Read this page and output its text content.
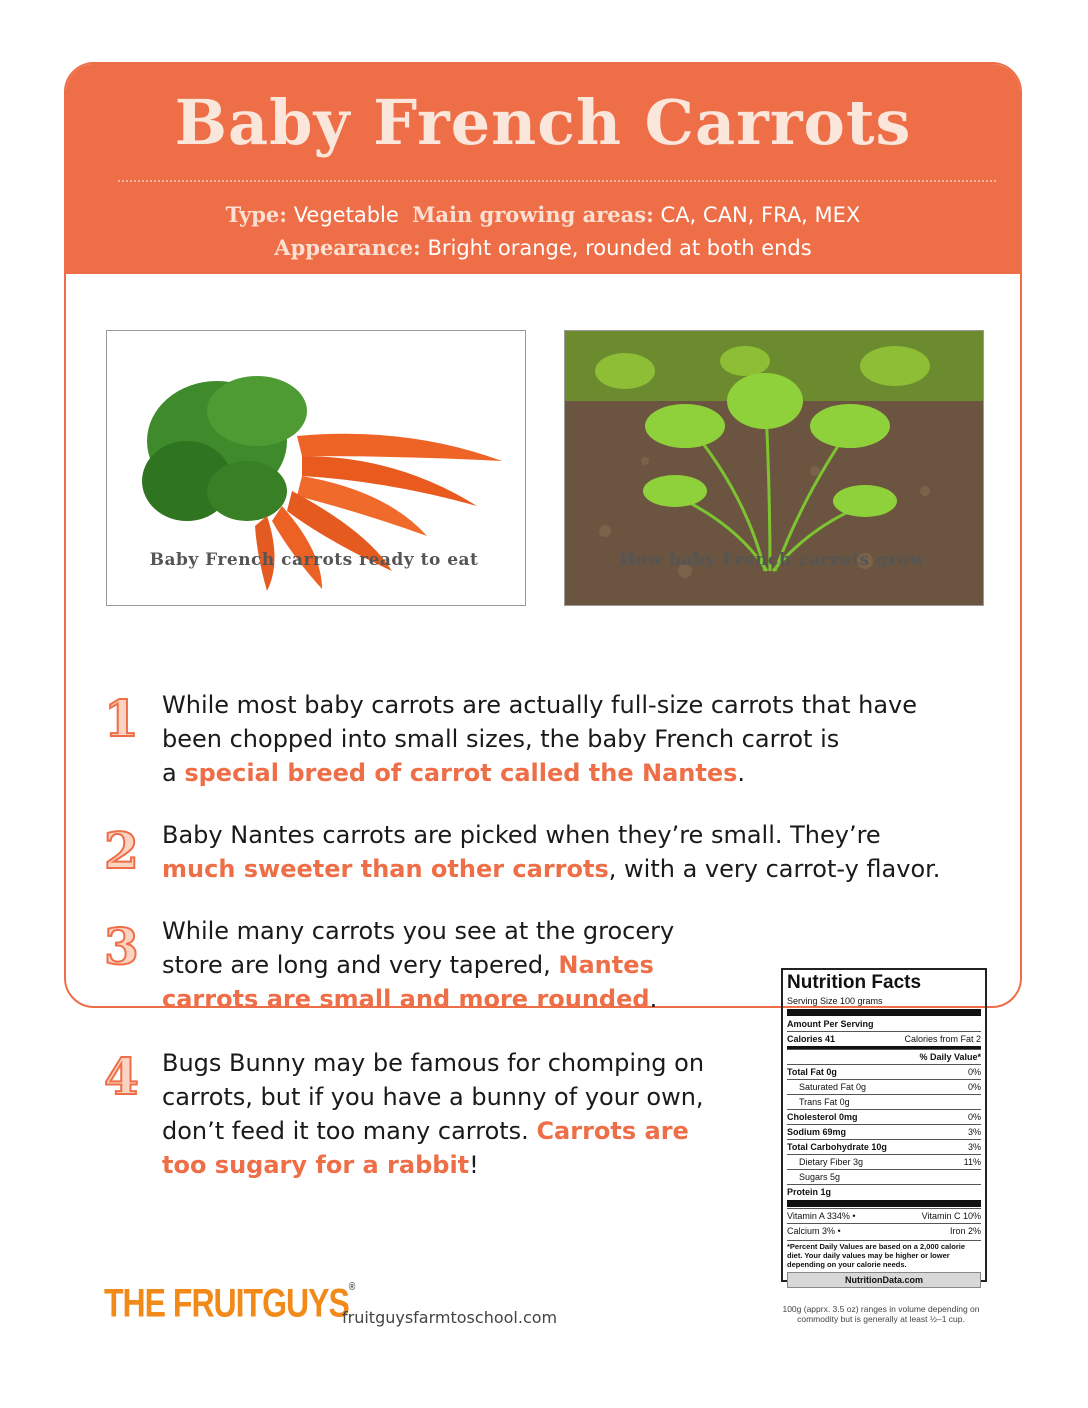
Baby French Carrots
Type: Vegetable Main growing areas: CA, CAN, FRA, MEX
Appearance: Bright orange, rounded at both ends
Baby French carrots ready to eat	How baby French carrots grow
1 While most baby carrots are actually full-size carrots that have
been chopped into small sizes, the baby French carrot is
a special breed of carrot called the Nantes.
2 Baby Nantes carrots are picked when they’re small. They’re
much sweeter than other carrots, with a very carrot-y flavor.
3 While many carrots you see at the grocery
store are long and very tapered, Nantes
carrots are small and more rounded.
4 Bugs Bunny may be famous for chomping on
carrots, but if you have a bunny of your own,
don’t feed it too many carrots. Carrots are
too sugary for a rabbit!
Nutrition Facts
Serving Size 100 grams
Amount Per Serving
Calories 41	Calories from Fat 2
% Daily Value*
Total Fat 0g	0%
Saturated Fat 0g	0%
Trans Fat 0g
Cholesterol 0mg	0%
Sodium 69mg	3%
Total Carbohydrate 10g	3%
Dietary Fiber 3g	11%
Sugars 5g
Protein 1g
Vitamin A 334% •	Vitamin C 10%
Calcium 3% •	Iron 2%
*Percent Daily Values are based on a 2,000 calorie diet. Your daily values may be higher or lower depending on your calorie needs.
NutritionData.com
100g (apprx. 3.5 oz) ranges in volume depending on commodity but is generally at least ½–1 cup.
THE FRUITGUYS®
fruitguysfarmtoschool.com
